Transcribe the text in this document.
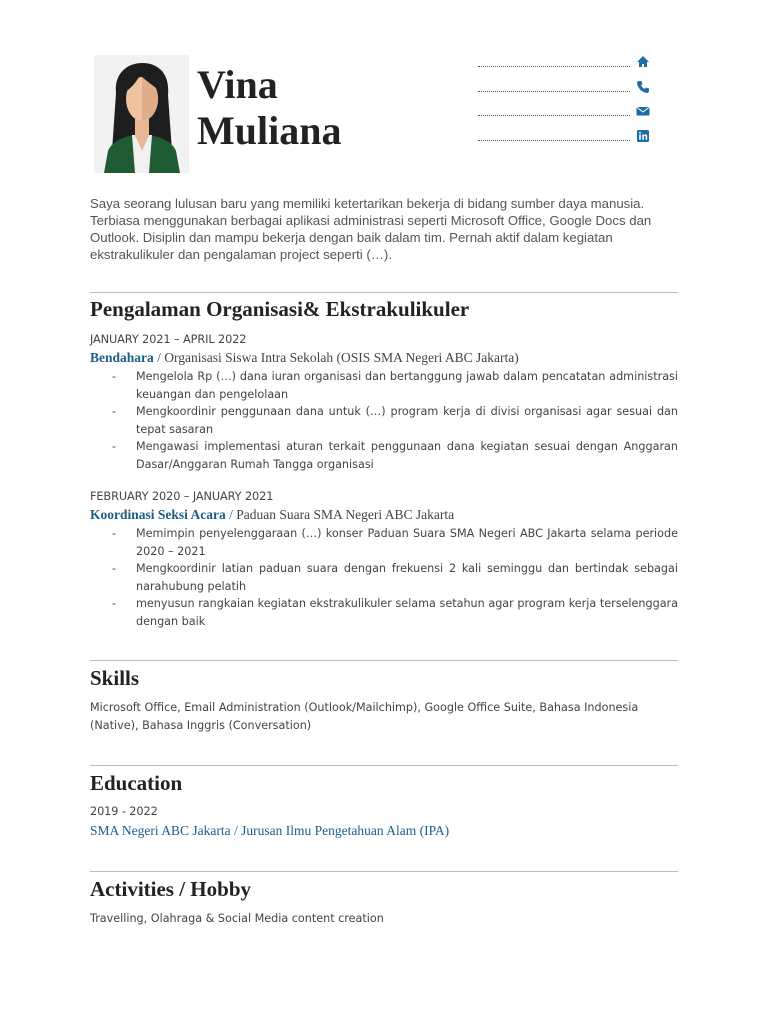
Vina
Muliana
Saya seorang lulusan baru yang memiliki ketertarikan bekerja di bidang sumber daya manusia. Terbiasa menggunakan berbagai aplikasi administrasi seperti Microsoft Office, Google Docs dan Outlook. Disiplin dan mampu bekerja dengan baik dalam tim. Pernah aktif dalam kegiatan ekstrakulikuler dan pengalaman project seperti (…).
Pengalaman Organisasi& Ekstrakulikuler
JANUARY 2021 – APRIL 2022
Bendahara / Organisasi Siswa Intra Sekolah (OSIS SMA Negeri ABC Jakarta)
- Mengelola Rp (…) dana iuran organisasi dan bertanggung jawab dalam pencatatan administrasi keuangan dan pengelolaan
- Mengkoordinir penggunaan dana untuk (…) program kerja di divisi organisasi agar sesuai dan tepat sasaran
- Mengawasi implementasi aturan terkait penggunaan dana kegiatan sesuai dengan Anggaran Dasar/Anggaran Rumah Tangga organisasi
FEBRUARY 2020 – JANUARY 2021
Koordinasi Seksi Acara / Paduan Suara SMA Negeri ABC Jakarta
- Memimpin penyelenggaraan (…) konser Paduan Suara SMA Negeri ABC Jakarta selama periode 2020 – 2021
- Mengkoordinir latian paduan suara dengan frekuensi 2 kali seminggu dan bertindak sebagai narahubung pelatih
- menyusun rangkaian kegiatan ekstrakulikuler selama setahun agar program kerja terselenggara dengan baik
Skills
Microsoft Office, Email Administration (Outlook/Mailchimp), Google Office Suite, Bahasa Indonesia (Native), Bahasa Inggris (Conversation)
Education
2019 - 2022
SMA Negeri ABC Jakarta / Jurusan Ilmu Pengetahuan Alam (IPA)
Activities / Hobby
Travelling, Olahraga & Social Media content creation
